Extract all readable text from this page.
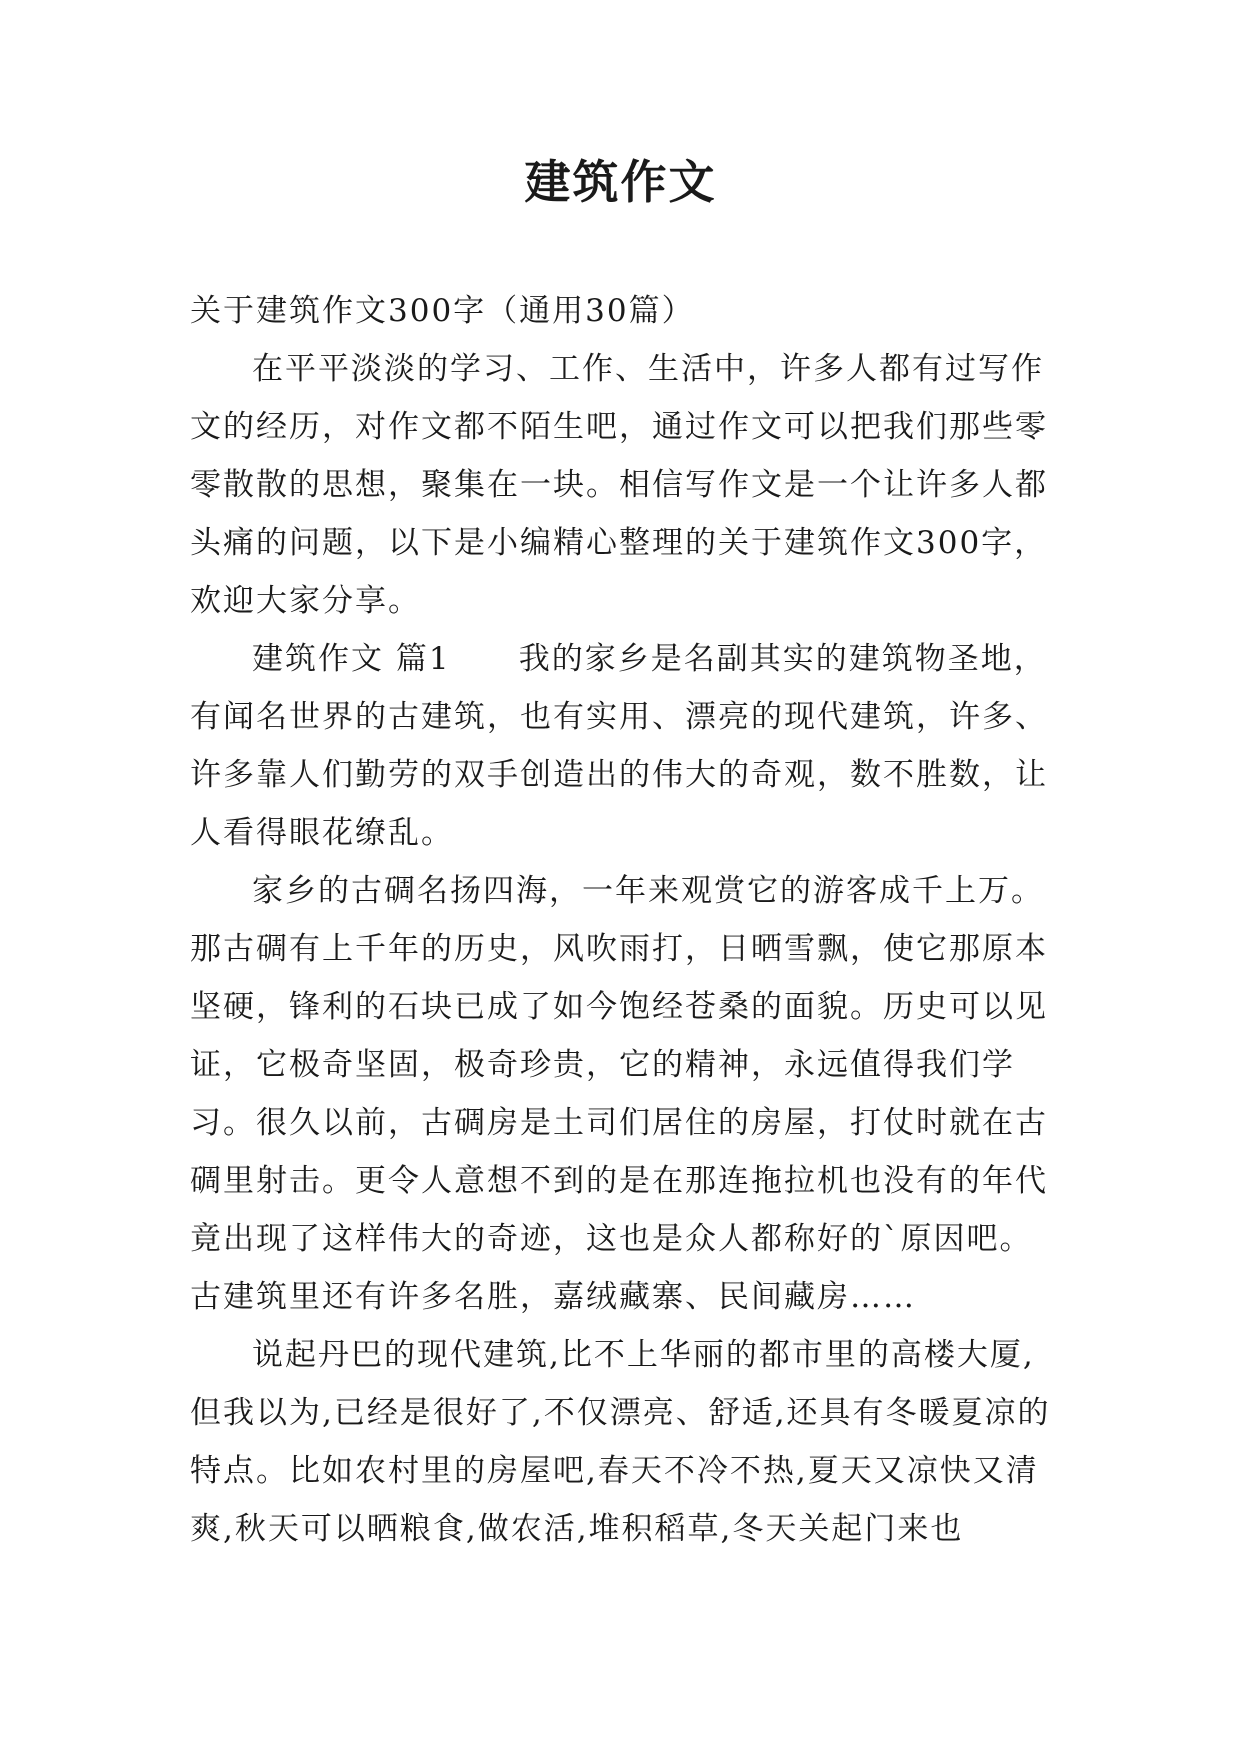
建筑作文

关于建筑作文300字（通用30篇）

在平平淡淡的学习、工作、生活中，许多人都有过写作文的经历，对作文都不陌生吧，通过作文可以把我们那些零零散散的思想，聚集在一块。相信写作文是一个让许多人都头痛的问题，以下是小编精心整理的关于建筑作文300字，欢迎大家分享。

建筑作文 篇1 我的家乡是名副其实的建筑物圣地，有闻名世界的古建筑，也有实用、漂亮的现代建筑，许多、许多靠人们勤劳的双手创造出的伟大的奇观，数不胜数，让人看得眼花缭乱。

家乡的古碉名扬四海，一年来观赏它的游客成千上万。那古碉有上千年的历史，风吹雨打，日晒雪飘，使它那原本坚硬，锋利的石块已成了如今饱经苍桑的面貌。历史可以见证，它极奇坚固，极奇珍贵，它的精神，永远值得我们学习。很久以前，古碉房是土司们居住的房屋，打仗时就在古碉里射击。更令人意想不到的是在那连拖拉机也没有的年代竟出现了这样伟大的奇迹，这也是众人都称好的`原因吧。古建筑里还有许多名胜，嘉绒藏寨、民间藏房……

说起丹巴的现代建筑,比不上华丽的都市里的高楼大厦,但我以为,已经是很好了,不仅漂亮、舒适,还具有冬暖夏凉的特点。比如农村里的房屋吧,春天不冷不热,夏天又凉快又清爽,秋天可以晒粮食,做农活,堆积稻草,冬天关起门来也
